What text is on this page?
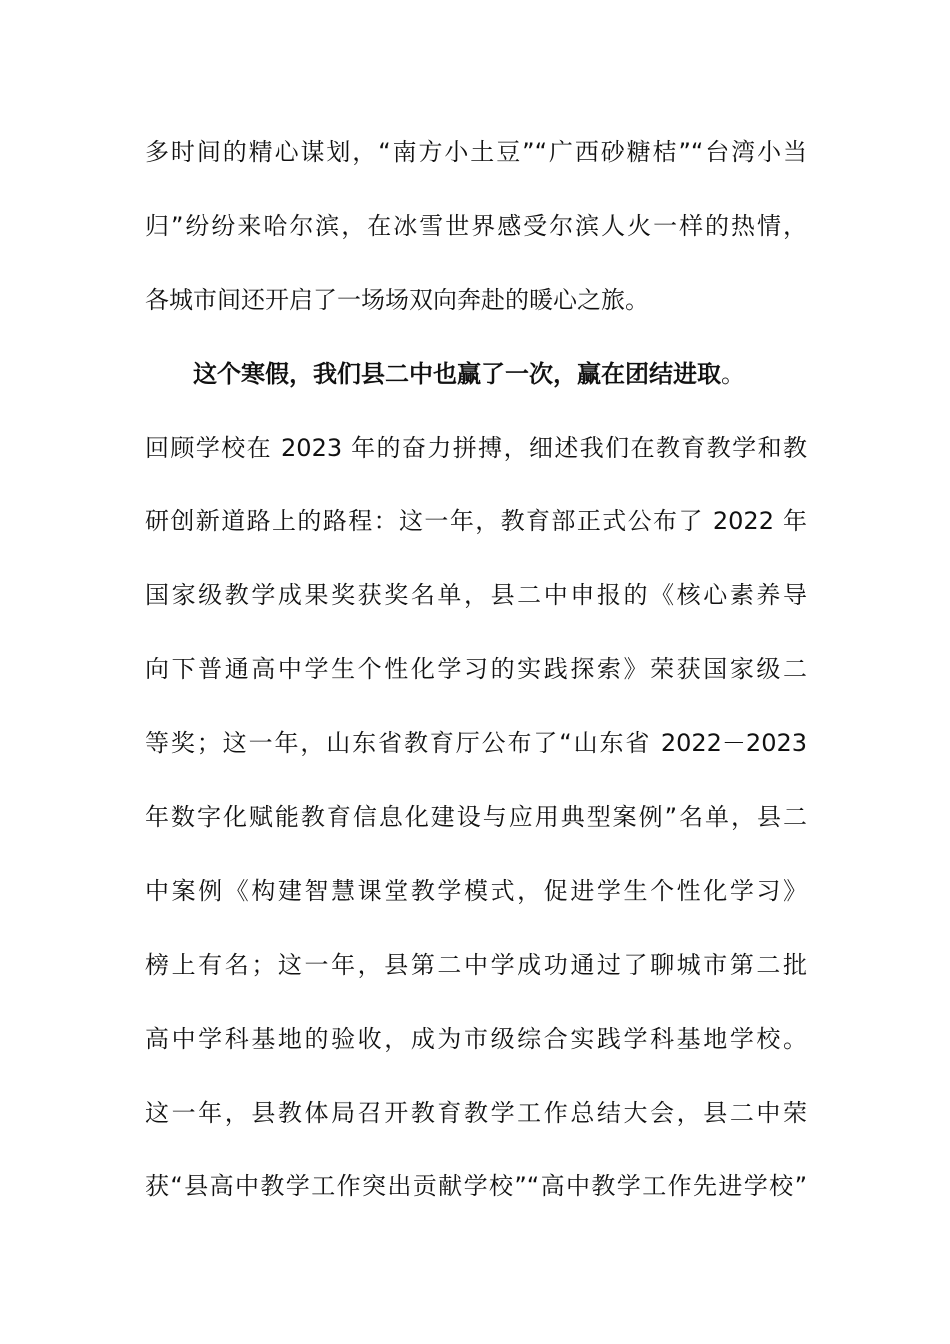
多时间的精心谋划，“南方小土豆”“广西砂糖桔”“台湾小当
归”纷纷来哈尔滨，在冰雪世界感受尔滨人火一样的热情，
各城市间还开启了一场场双向奔赴的暖心之旅。
这个寒假，我们县二中也赢了一次，赢在团结进取。
回顾学校在 2023 年的奋力拼搏，细述我们在教育教学和教
研创新道路上的路程：这一年，教育部正式公布了 2022 年
国家级教学成果奖获奖名单，县二中申报的《核心素养导
向下普通高中学生个性化学习的实践探索》荣获国家级二
等奖；这一年，山东省教育厅公布了“山东省 2022－2023
年数字化赋能教育信息化建设与应用典型案例”名单，县二
中案例《构建智慧课堂教学模式，促进学生个性化学习》
榜上有名；这一年，县第二中学成功通过了聊城市第二批
高中学科基地的验收，成为市级综合实践学科基地学校。
这一年，县教体局召开教育教学工作总结大会，县二中荣
获“县高中教学工作突出贡献学校”“高中教学工作先进学校”
